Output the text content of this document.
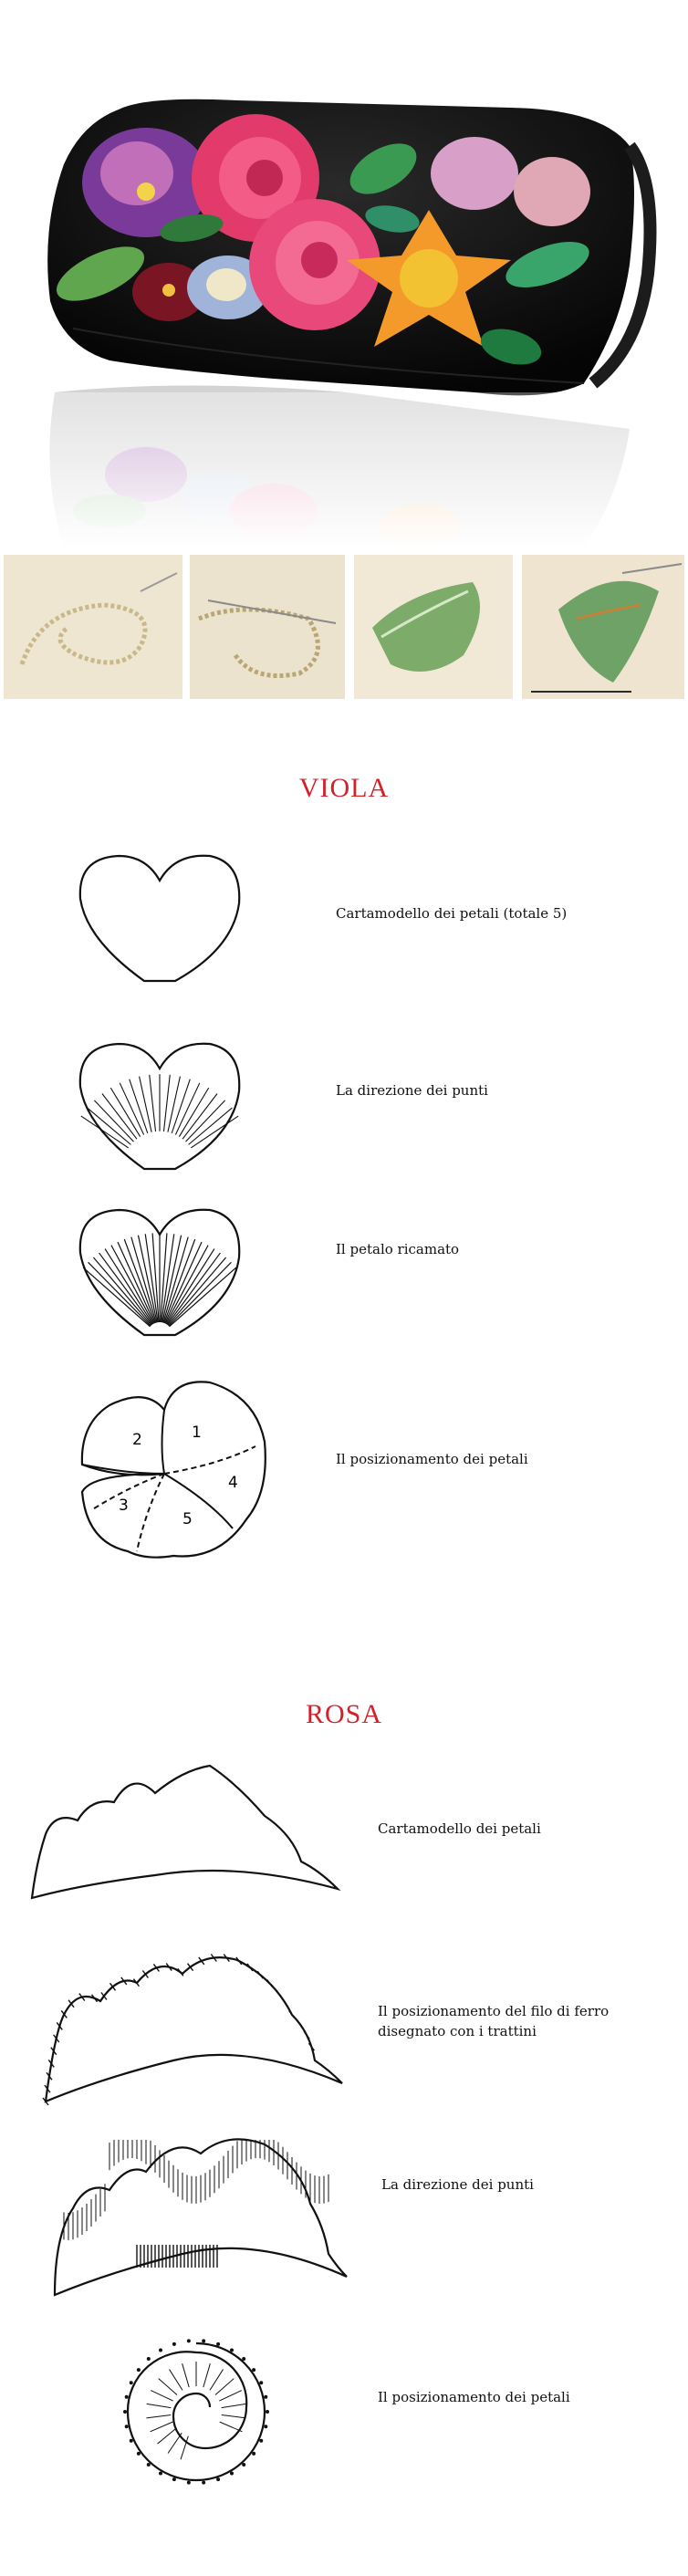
VIOLA
Cartamodello dei petali (totale 5)
La direzione dei punti
Il petalo ricamato
1
2
3
4
5
Il posizionamento dei petali
ROSA
Cartamodello dei petali
Il posizionamento del filo di ferro
disegnato con i trattini
La direzione dei punti
Il posizionamento dei petali
